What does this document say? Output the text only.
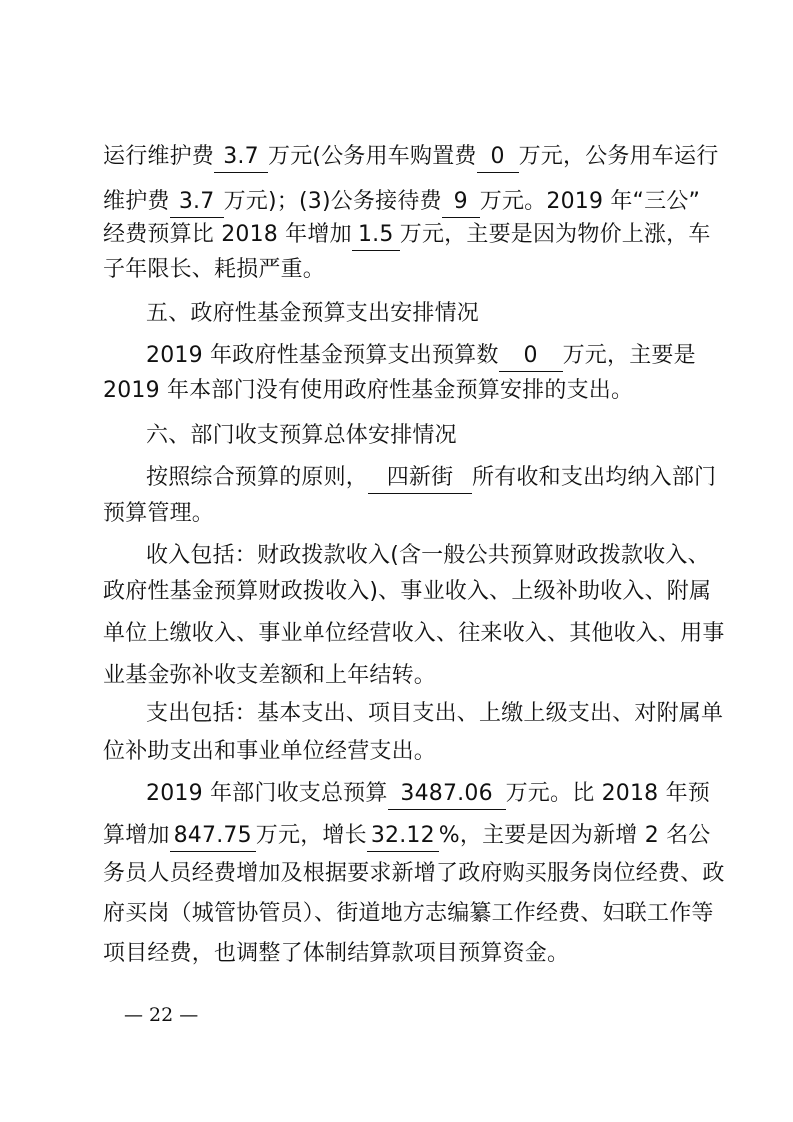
运行维护费 3.7 万元(公务用车购置费 0 万元，公务用车运行
维护费 3.7 万元)；(3)公务接待费 9 万元。2019 年“三公”
经费预算比 2018 年增加 1.5 万元，主要是因为物价上涨，车
子年限长、耗损严重。
五、政府性基金预算支出安排情况
2019 年政府性基金预算支出预算数 0 万元，主要是
2019 年本部门没有使用政府性基金预算安排的支出。
六、部门收支预算总体安排情况
按照综合预算的原则， 四新街 所有收和支出均纳入部门
预算管理。
收入包括：财政拨款收入(含一般公共预算财政拨款收入、
政府性基金预算财政拨收入)、事业收入、上级补助收入、附属
单位上缴收入、事业单位经营收入、往来收入、其他收入、用事
业基金弥补收支差额和上年结转。
支出包括：基本支出、项目支出、上缴上级支出、对附属单
位补助支出和事业单位经营支出。
2019 年部门收支总预算 3487.06 万元。比 2018 年预
算增加 847.75 万元，增长 32.12 %，主要是因为新增 2 名公
务员人员经费增加及根据要求新增了政府购买服务岗位经费、政
府买岗（城管协管员）、街道地方志编纂工作经费、妇联工作等
项目经费，也调整了体制结算款项目预算资金。
— 22 —
